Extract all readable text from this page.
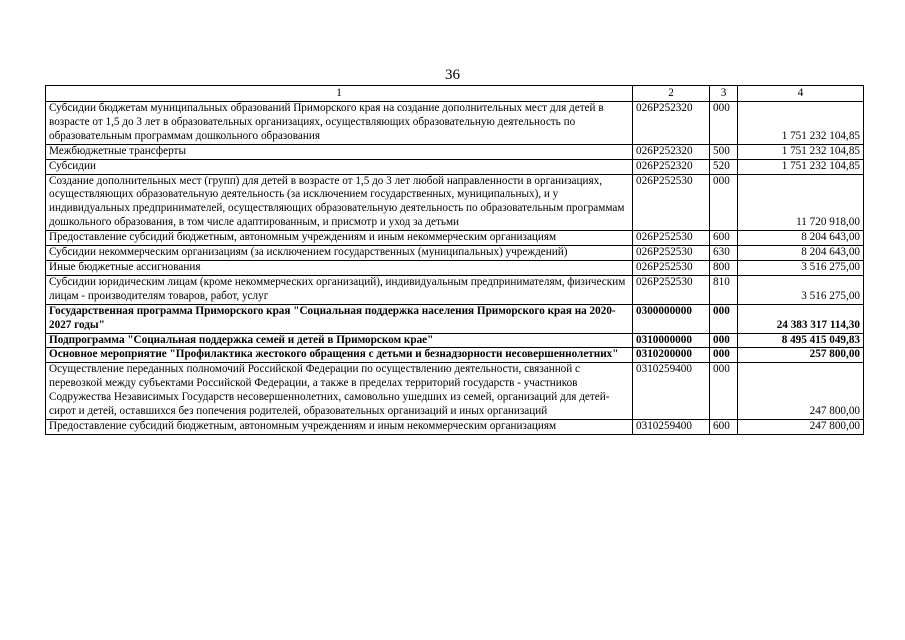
36
1	2	3	4
Субсидии бюджетам муниципальных образований Приморского края на создание дополнительных мест для детей в возрасте от 1,5 до 3 лет в образовательных организациях, осуществляющих образовательную деятельность по образовательным программам дошкольного образования	026P252320	000	1 751 232 104,85
Межбюджетные трансферты	026P252320	500	1 751 232 104,85
Субсидии	026P252320	520	1 751 232 104,85
Создание дополнительных мест (групп) для детей в возрасте от 1,5 до 3 лет любой направленности в организациях, осуществляющих образовательную деятельность (за исключением государственных, муниципальных), и у индивидуальных предпринимателей, осуществляющих образовательную деятельность по образовательным программам дошкольного образования, в том числе адаптированным, и присмотр и уход за детьми	026P252530	000	11 720 918,00
Предоставление субсидий бюджетным, автономным учреждениям и иным некоммерческим организациям	026P252530	600	8 204 643,00
Субсидии некоммерческим организациям (за исключением государственных (муниципальных) учреждений)	026P252530	630	8 204 643,00
Иные бюджетные ассигнования	026P252530	800	3 516 275,00
Субсидии юридическим лицам (кроме некоммерческих организаций), индивидуальным предпринимателям, физическим лицам - производителям товаров, работ, услуг	026P252530	810	3 516 275,00
Государственная программа Приморского края "Социальная поддержка населения Приморского края на 2020-2027 годы"	0300000000	000	24 383 317 114,30
Подпрограмма "Социальная поддержка семей и детей в Приморском крае"	0310000000	000	8 495 415 049,83
Основное мероприятие "Профилактика жестокого обращения с детьми и безнадзорности несовершеннолетних"	0310200000	000	257 800,00
Осуществление переданных полномочий Российской Федерации по осуществлению деятельности, связанной с перевозкой между субъектами Российской Федерации, а также в пределах территорий государств - участников Содружества Независимых Государств несовершеннолетних, самовольно ушедших из семей, организаций для детей-сирот и детей, оставшихся без попечения родителей, образовательных организаций и иных организаций	0310259400	000	247 800,00
Предоставление субсидий бюджетным, автономным учреждениям и иным некоммерческим организациям	0310259400	600	247 800,00
